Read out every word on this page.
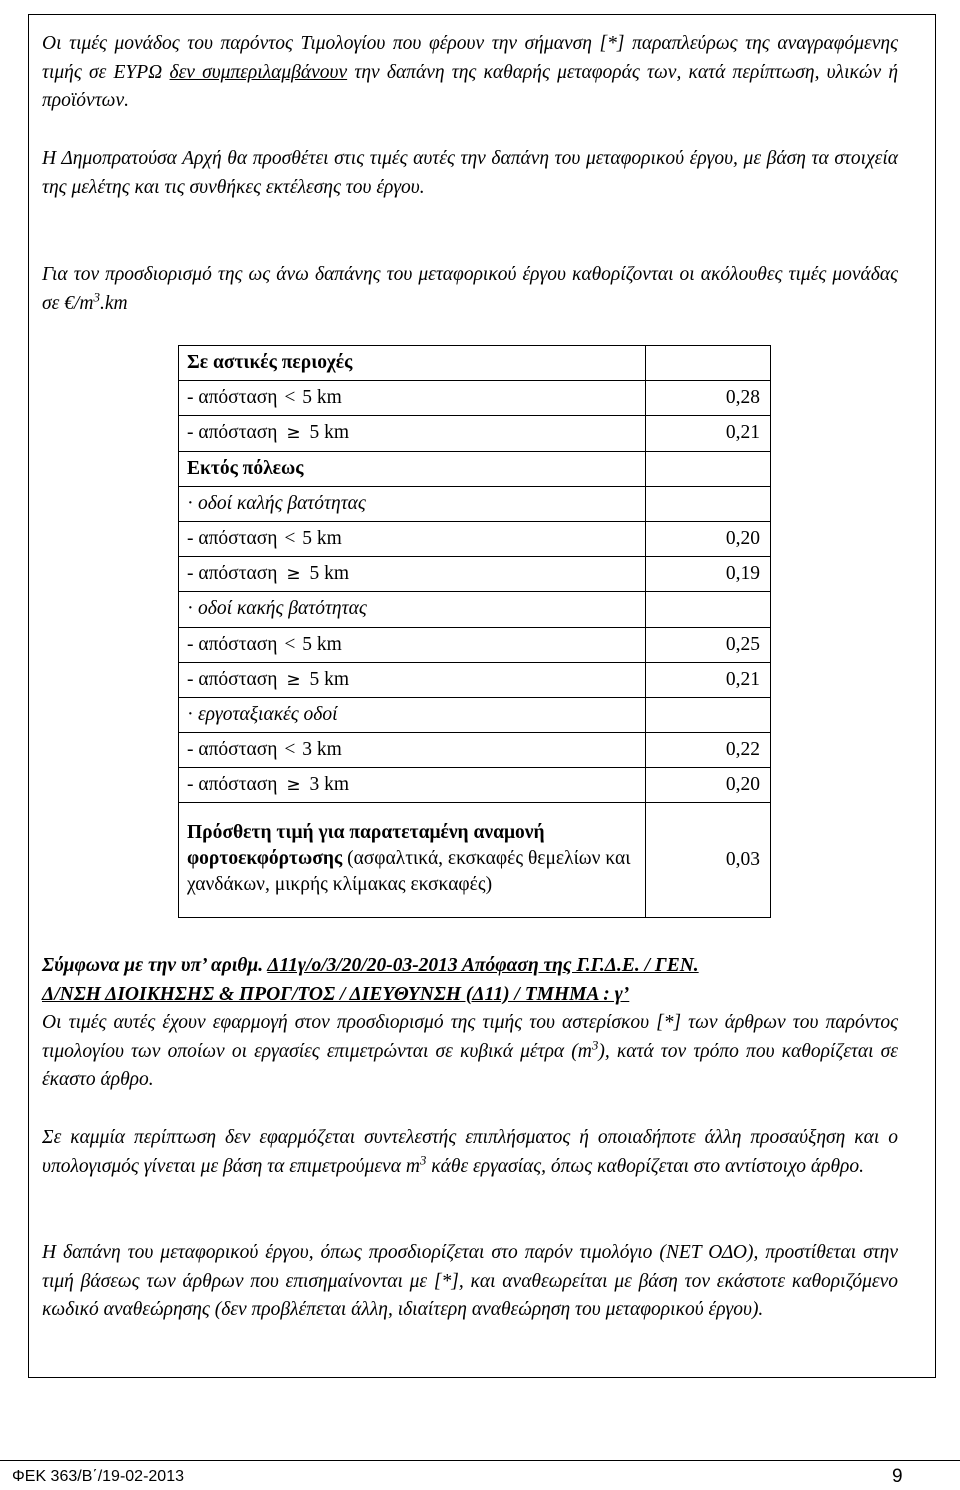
Οι τιμές μονάδος του παρόντος Τιμολογίου που φέρουν την σήμανση [*] παραπλεύρως της αναγραφόμενης τιμής σε ΕΥΡΩ δεν συμπεριλαμβάνουν την δαπάνη της καθαρής μεταφοράς των, κατά περίπτωση, υλικών ή προϊόντων.
Η Δημοπρατούσα Αρχή θα προσθέτει στις τιμές αυτές την δαπάνη του μεταφορικού έργου, με βάση τα στοιχεία της μελέτης και τις συνθήκες εκτέλεσης του έργου.
Για τον προσδιορισμό της ως άνω δαπάνης του μεταφορικού έργου καθορίζονται οι ακόλουθες τιμές μονάδας σε $€/m^3.km$
Σε αστικές περιοχές	
- απόσταση < 5 km	0,28
- απόσταση ≥ 5 km	0,21
Εκτός πόλεως	
· οδοί καλής βατότητας	
- απόσταση < 5 km	0,20
- απόσταση ≥ 5 km	0,19
· οδοί κακής βατότητας	
- απόσταση < 5 km	0,25
- απόσταση ≥ 5 km	0,21
· εργοταξιακές οδοί	
- απόσταση < 3 km	0,22
- απόσταση ≥ 3 km	0,20
Πρόσθετη τιμή για παρατεταμένη αναμονή φορτοεκφόρτωσης (ασφαλτικά, εκσκαφές θεμελίων και χανδάκων, μικρής κλίμακας εκσκαφές)	0,03
Σύμφωνα με την υπ’ αριθμ. Δ11γ/ο/3/20/20-03-2013 Απόφαση της Γ.Γ.Δ.Ε. / ΓΕΝ.
Δ/ΝΣΗ ΔΙΟΙΚΗΣΗΣ & ΠΡΟΓ/ΤΟΣ / ΔΙΕΥΘΥΝΣΗ (Δ11) / ΤΜΗΜΑ : γ’
Οι τιμές αυτές έχουν εφαρμογή στον προσδιορισμό της τιμής του αστερίσκου [*] των άρθρων του παρόντος τιμολογίου των οποίων οι εργασίες επιμετρώνται σε κυβικά μέτρα $(m^3)$, κατά τον τρόπο που καθορίζεται σε έκαστο άρθρο.
Σε καμμία περίπτωση δεν εφαρμόζεται συντελεστής επιπλήσματος ή οποιαδήποτε άλλη προσαύξηση και ο υπολογισμός γίνεται με βάση τα επιμετρούμενα $m^3$ κάθε εργασίας, όπως καθορίζεται στο αντίστοιχο άρθρο.
Η δαπάνη του μεταφορικού έργου, όπως προσδιορίζεται στο παρόν τιμολόγιο (ΝΕΤ ΟΔΟ), προστίθεται στην τιμή βάσεως των άρθρων που επισημαίνονται με [*], και αναθεωρείται με βάση τον εκάστοτε καθοριζόμενο κωδικό αναθεώρησης (δεν προβλέπεται άλλη, ιδιαίτερη αναθεώρηση του μεταφορικού έργου).
ΦΕΚ 363/Β΄/19-02-2013	9
